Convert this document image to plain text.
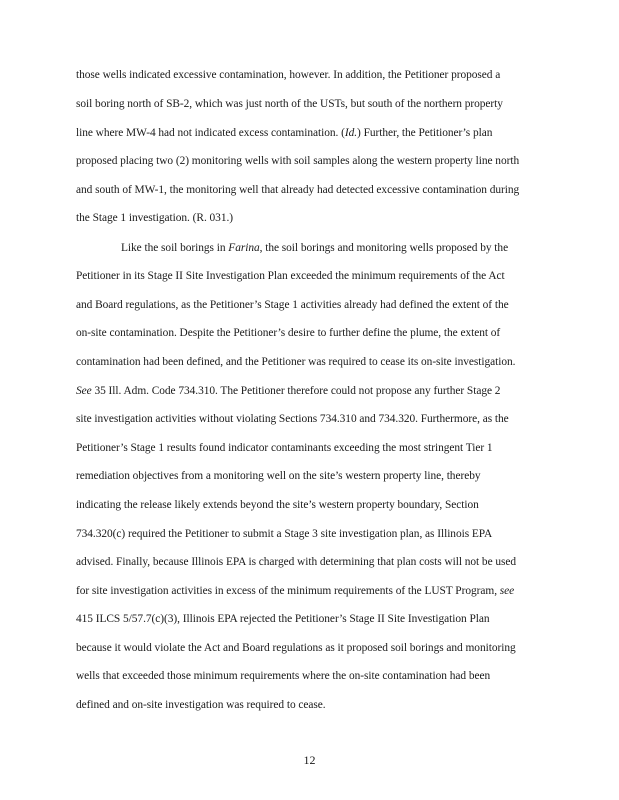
those wells indicated excessive contamination, however. In addition, the Petitioner proposed a
soil boring north of SB-2, which was just north of the USTs, but south of the northern property
line where MW-4 had not indicated excess contamination. (Id.) Further, the Petitioner’s plan
proposed placing two (2) monitoring wells with soil samples along the western property line north
and south of MW-1, the monitoring well that already had detected excessive contamination during
the Stage 1 investigation. (R. 031.)
Like the soil borings in Farina, the soil borings and monitoring wells proposed by the
Petitioner in its Stage II Site Investigation Plan exceeded the minimum requirements of the Act
and Board regulations, as the Petitioner’s Stage 1 activities already had defined the extent of the
on-site contamination. Despite the Petitioner’s desire to further define the plume, the extent of
contamination had been defined, and the Petitioner was required to cease its on-site investigation.
See 35 Ill. Adm. Code 734.310. The Petitioner therefore could not propose any further Stage 2
site investigation activities without violating Sections 734.310 and 734.320. Furthermore, as the
Petitioner’s Stage 1 results found indicator contaminants exceeding the most stringent Tier 1
remediation objectives from a monitoring well on the site’s western property line, thereby
indicating the release likely extends beyond the site’s western property boundary, Section
734.320(c) required the Petitioner to submit a Stage 3 site investigation plan, as Illinois EPA
advised. Finally, because Illinois EPA is charged with determining that plan costs will not be used
for site investigation activities in excess of the minimum requirements of the LUST Program, see
415 ILCS 5/57.7(c)(3), Illinois EPA rejected the Petitioner’s Stage II Site Investigation Plan
because it would violate the Act and Board regulations as it proposed soil borings and monitoring
wells that exceeded those minimum requirements where the on-site contamination had been
defined and on-site investigation was required to cease.
12
